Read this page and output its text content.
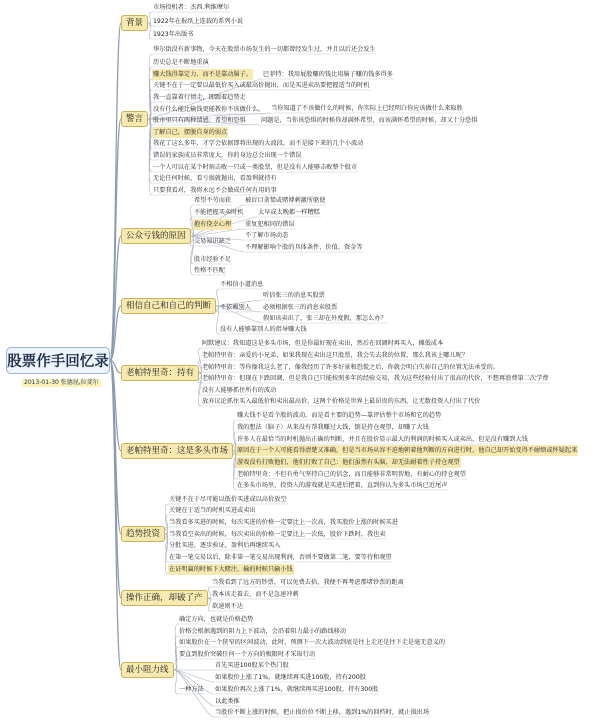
股票作手回忆录
2013-01-30 张德昆,拉斐尔
背景
市场投机者：杰西.利维摩尔
1922年在报纸上连载的系列小说
1923年出版书
警言
华尔街没有新事物，今天在股票市场发生的一切都曾经发生过，并且以后还会发生
历史总是不断地重演
赚大钱得靠定力，而不是靠动脑子。 巴菲特：我用屁股赚的钱比用脑子赚的钱多得多
关键不在于一定要以最低价买入或最高价抛出，而是买进卖出要把握适当的时机
我一直靠着行情走，即跟着趋势走
没有什么能比输钱更能教你不该做什么。 当你知道了不该做什么的时候，你实际上已经明白你应该做什么来取胜
股市里只有两种情感：希望和恐惧 问题是，当你该恐惧的时候你却满怀希望，而该满怀希望的时候，却又十分恐惧
了解自己，摆脱自身的弱点
我花了这么多年，才学会依据即将出现的大波段，而不是接下来的几个小波动
错误的家族成员非常庞大，你的身边总会出现一个错误
一个人可以在某个时刻击败一只或一类股票，但是没有人能够击败整个股市
无论任何时候，看亏损就抛出，看盈利就持有
只要我看对，我将永远不会做成任何有用的事
公众亏钱的原因
希望不劳而获 被盲目贪婪或赌博刺激所驱使
不能把握买卖时机 太早或太晚都一样糟糕
抱有侥幸心理 重复犯相同的错误
交易知识缺乏
不了解市场动态
不理解影响个股的具体条件、价值、资金等
股市经验不足
性格不匹配
相信自己和自己的判断
不相信小道消息
不依赖别人
听信张三的消息买股票
必须根据张三的消息卖股票
假如该卖出了，张三却在外度假，那怎么办？
没有人能够靠别人的指导赚大钱
老帕特里奇：持有
阿默建议：我知道这是多头市场，但是你最好现在卖出，然后在回调时再买入，摊低成本
老帕特里奇：亲爱的小兄弟，如果我现在卖出这只股票，我会失去我的位置，那么我该上哪儿呢？
老帕特里奇：等你像我这么老了，像我经历了许多好景和恐慌之后，你就会明白失掉自己的位置无法承受的。
老帕特里奇：但现在下跌回调，但是我自己只能按照多年的经验交易，我为这些经验付出了很高的代价，不想再浪费第二次学费
没有人能够抓住所有的波动
放弃议论抓住买入最低价和卖出最高价，这两个价格是世界上最昂贵的东西，让无数投资人付出了代价
老帕特里奇：这是多头市场
赚大钱不是看个股的波动，而是看主要的趋势—靠评估整个市场和它的趋势
我的想法（脑子）从来没有帮我赚过大钱，倒是持仓观望，却赚了大钱
许多人在最恰当的时机抛出正确的判断，并且在股价显示最大的利润的时候买入或卖出，但是没有赚到大钱
原因在于一个人可能看得清楚又准确，但是当市场从容不迫地朝着他判断的方向进行时，他自己却开始变得不耐烦或怀疑起来
游戏没有打败他们，他们打败了自己：他们虽然有头脑，却无法耐着性子持仓观望
老帕特里奇：不但有勇气坚持自己的信念，而且能够非常明智地、有耐心的持仓观望
在多头市场里，投资人的游戏就是买进后把着，直到你认为多头市场已近尾声
趋势投资
关键不在于尽可能以低价买进或以高价放空
关键在于适当的时机买进或卖出
当我看多买进的时候，每次买进的价格一定要比上一次高，我买股价上涨的时候买进
当我看空卖出的时候，每次卖出的价格一定要比上一次低，股价下跌时，我也卖
分批买进，逐步验证，盈利后再继续买入
在第一笔交易以后，除非第一笔交易出现利润，否则不要做第二笔，要等待和观望
在证明赢的时候下大赌注，输的时候只输小钱
操作正确，却破了产
当我看到了远方的钞票，可以免费去拾，我便不再考虑那堵钞票的距离
我本该走着去，而不是急速冲刺
欲速则不达
最小阻力线
确定方向，也就是价格趋势
价格会根据遇到的阻力上下波动，会沿着阻力最小的路线移动
如果股价在一个狭窄的区间波动，此时，预测下一次大波动到底是往上走还是往下走是毫无意义的
要直到股价突破任何一个方向的极限时才采取行动
一种方法
首先买进100股某个热门股
如果股价上涨了1%，就继续再买进100股，持有200股
如果股价再次上涨了1%，就继续再买进100股，持有300股
以此类推
当股价不断上涨的时候，把止损价位不断上移，遇到1%的回档时，就止损出场
